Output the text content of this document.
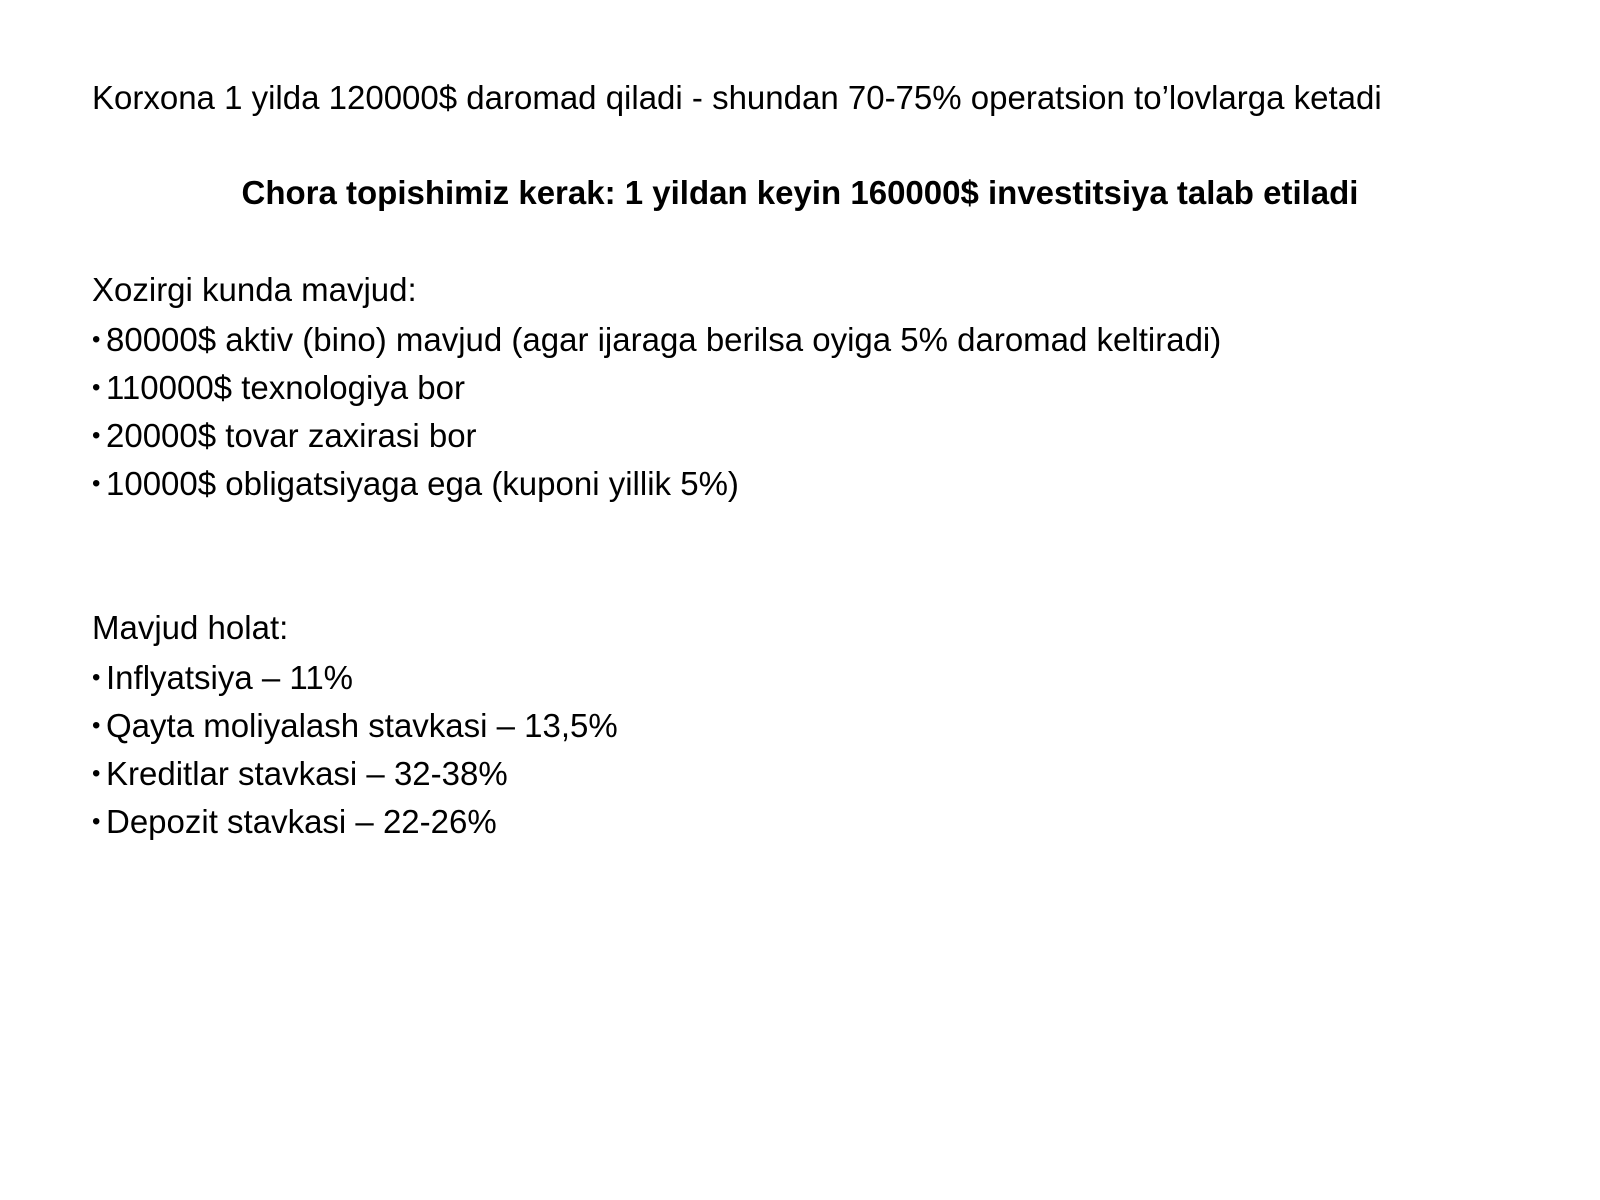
Korxona 1 yilda 120000$ daromad qiladi - shundan 70-75% operatsion to’lovlarga ketadi
Chora topishimiz kerak: 1 yildan keyin 160000$ investitsiya talab etiladi
Xozirgi kunda mavjud:
• 80000$ aktiv (bino) mavjud (agar ijaraga berilsa oyiga 5% daromad keltiradi)
• 110000$ texnologiya bor
• 20000$ tovar zaxirasi bor
• 10000$ obligatsiyaga ega (kuponi yillik 5%)
Mavjud holat:
• Inflyatsiya – 11%
• Qayta moliyalash stavkasi – 13,5%
• Kreditlar stavkasi – 32-38%
• Depozit stavkasi – 22-26%
